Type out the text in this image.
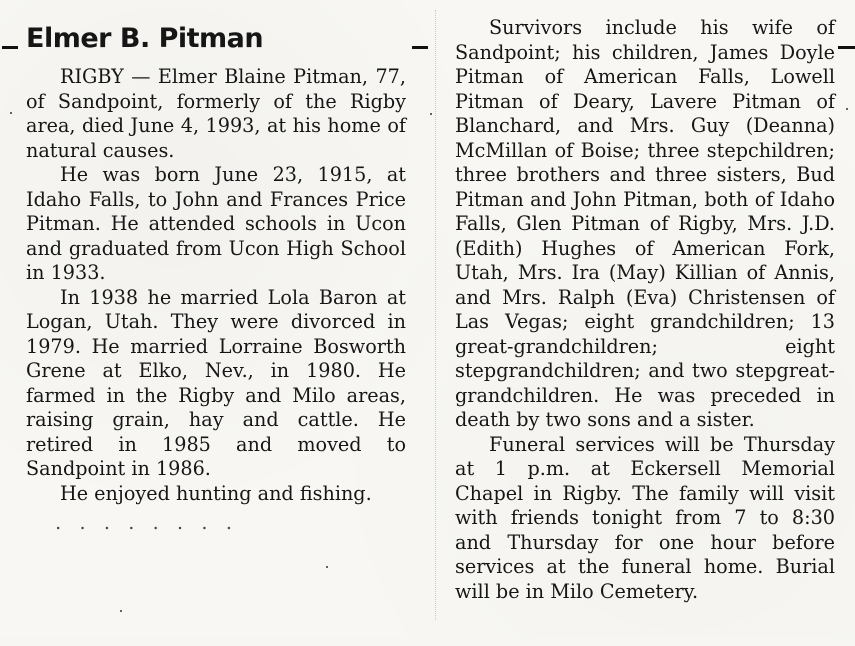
Elmer B. Pitman

RIGBY — Elmer Blaine Pitman, 77, of Sandpoint, formerly of the Rigby area, died June 4, 1993, at his home of natural causes.

He was born June 23, 1915, at Idaho Falls, to John and Frances Price Pitman. He attended schools in Ucon and graduated from Ucon High School in 1933.

In 1938 he married Lola Baron at Logan, Utah. They were divorced in 1979. He married Lorraine Bosworth Grene at Elko, Nev., in 1980. He farmed in the Rigby and Milo areas, raising grain, hay and cattle. He retired in 1985 and moved to Sandpoint in 1986.

He enjoyed hunting and fishing.

․ ․ ․ ․ ․ ․ ․ ․

Survivors include his wife of Sandpoint; his children, James Doyle Pitman of American Falls, Lowell Pitman of Deary, Lavere Pitman of Blanchard, and Mrs. Guy (Deanna) McMillan of Boise; three stepchildren; three brothers and three sisters, Bud Pitman and John Pitman, both of Idaho Falls, Glen Pitman of Rigby, Mrs. J.D. (Edith) Hughes of American Fork, Utah, Mrs. Ira (May) Killian of Annis, and Mrs. Ralph (Eva) Christensen of Las Vegas; eight grandchildren; 13 great-grandchildren; eight stepgrandchildren; and two stepgreat-grandchildren. He was preceded in death by two sons and a sister.

Funeral services will be Thursday at 1 p.m. at Eckersell Memorial Chapel in Rigby. The family will visit with friends tonight from 7 to 8:30 and Thursday for one hour before services at the funeral home. Burial will be in Milo Cemetery.
